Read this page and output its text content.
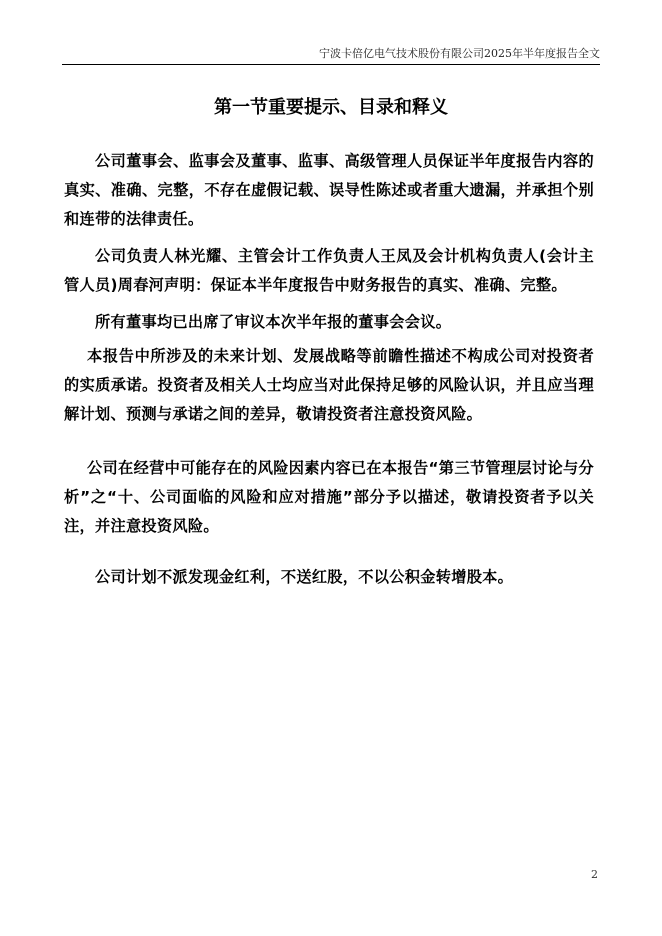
宁波卡倍亿电气技术股份有限公司2025年半年度报告全文
第一节重要提示、目录和释义
公司董事会、监事会及董事、监事、高级管理人员保证半年度报告内容的真实、准确、完整，不存在虚假记载、误导性陈述或者重大遗漏，并承担个别和连带的法律责任。
公司负责人林光耀、主管会计工作负责人王凤及会计机构负责人(会计主管人员)周春河声明：保证本半年度报告中财务报告的真实、准确、完整。
所有董事均已出席了审议本次半年报的董事会会议。
本报告中所涉及的未来计划、发展战略等前瞻性描述不构成公司对投资者的实质承诺。投资者及相关人士均应当对此保持足够的风险认识，并且应当理解计划、预测与承诺之间的差异，敬请投资者注意投资风险。
公司在经营中可能存在的风险因素内容已在本报告“第三节管理层讨论与分析”之“十、公司面临的风险和应对措施”部分予以描述，敬请投资者予以关注，并注意投资风险。
公司计划不派发现金红利，不送红股，不以公积金转增股本。
2
